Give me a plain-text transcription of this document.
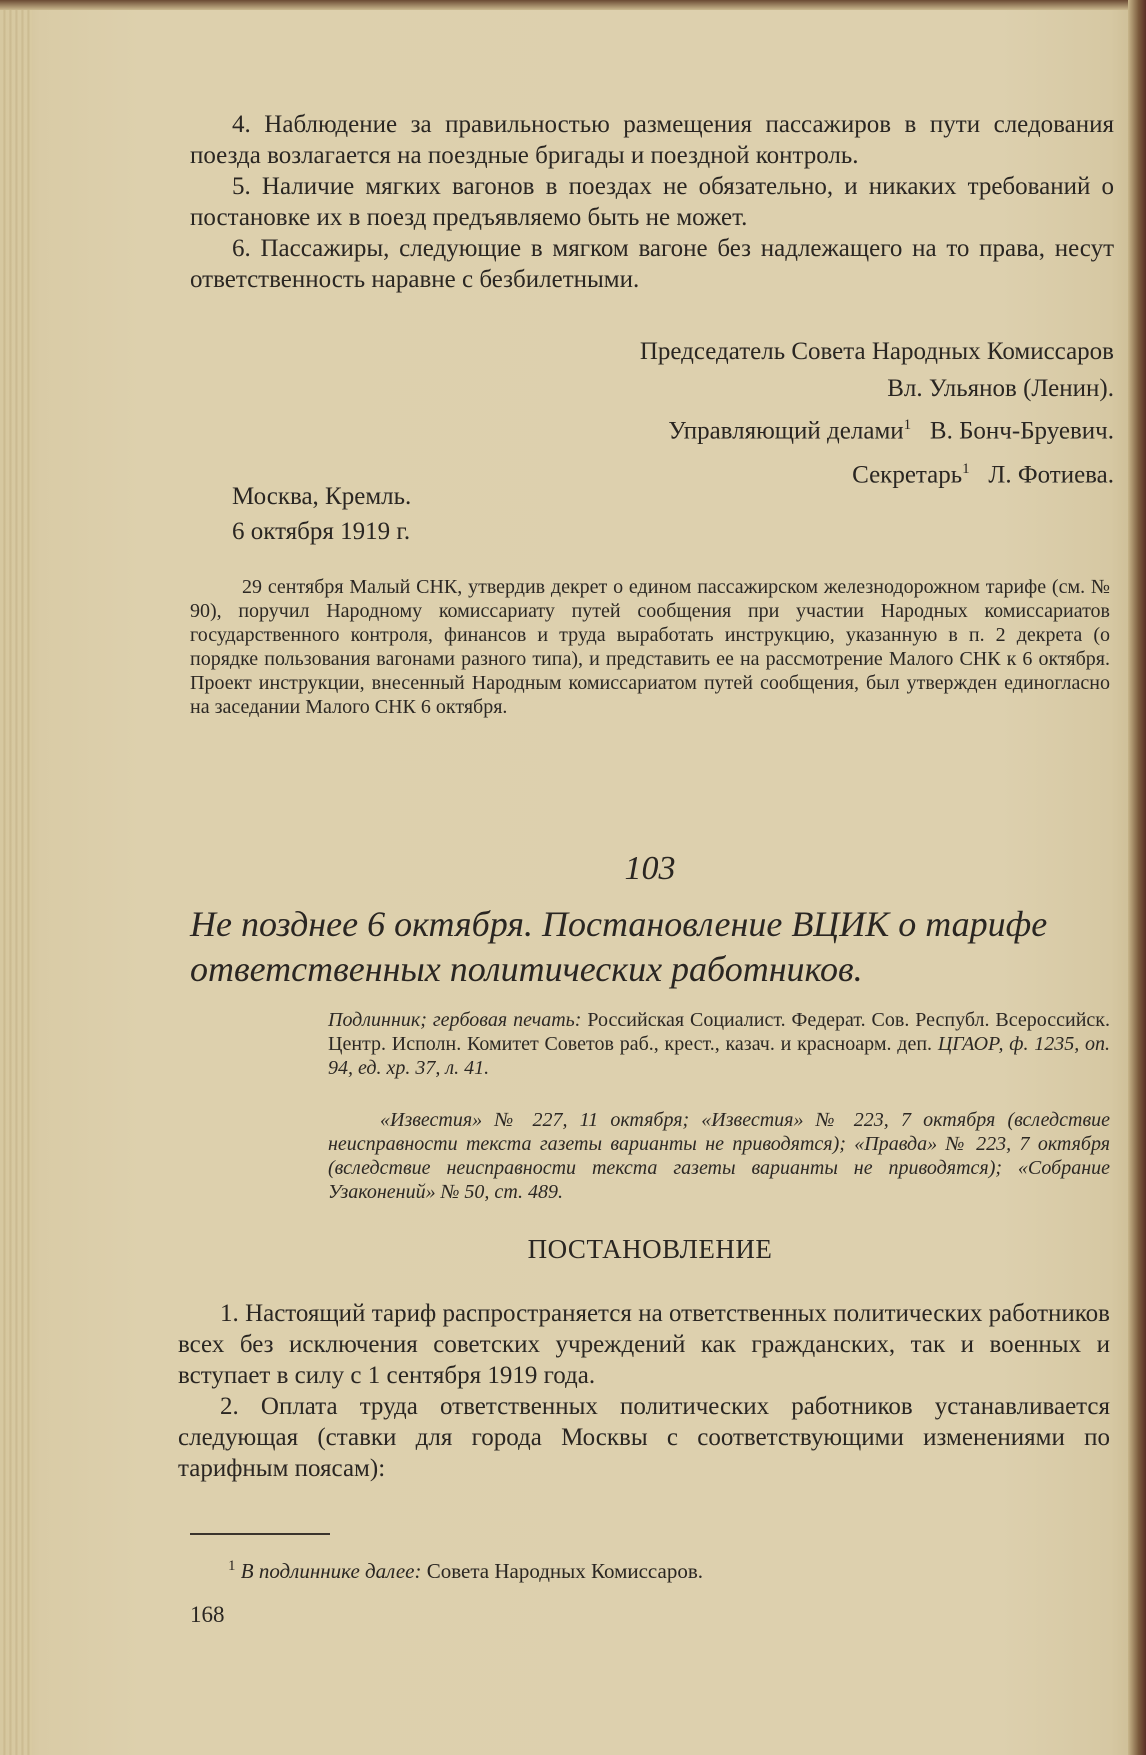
4. Наблюдение за правильностью размещения пассажиров в пути следования поезда возлагается на поездные бригады и поездной контроль.

5. Наличие мягких вагонов в поездах не обязательно, и никаких требований о постановке их в поезд предъявляемо быть не может.

6. Пассажиры, следующие в мягком вагоне без надлежащего на то права, несут ответственность наравне с безбилетными.

Председатель Совета Народных Комиссаров
Вл. Ульянов (Ленин).
Управляющий делами$^1$ В. Бонч-Бруевич.
Секретарь$^1$ Л. Фотиева.
Москва, Кремль.
6 октября 1919 г.
29 сентября Малый СНК, утвердив декрет о едином пассажирском железнодорожном тарифе (см. № 90), поручил Народному комиссариату путей сообщения при участии Народных комиссариатов государственного контроля, финансов и труда выработать инструкцию, указанную в п. 2 декрета (о порядке пользования вагонами разного типа), и представить ее на рассмотрение Малого СНК к 6 октября. Проект инструкции, внесенный Народным комиссариатом путей сообщения, был утвержден единогласно на заседании Малого СНК 6 октября.
103
Не позднее 6 октября. Постановление ВЦИК о тарифе ответственных политических работников.
Подлинник; гербовая печать: Российская Социалист. Федерат. Сов. Республ. Всероссийск. Центр. Исполн. Комитет Советов раб., крест., казач. и красноарм. деп. ЦГАОР, ф. 1235, оп. 94, ед. хр. 37, л. 41.
«Известия» № 227, 11 октября; «Известия» № 223, 7 октября (вследствие неисправности текста газеты варианты не приводятся); «Правда» № 223, 7 октября (вследствие неисправности текста газеты варианты не приводятся); «Собрание Узаконений» № 50, ст. 489.
ПОСТАНОВЛЕНИЕ

1. Настоящий тариф распространяется на ответственных политических работников всех без исключения советских учреждений как гражданских, так и военных и вступает в силу с 1 сентября 1919 года.

2. Оплата труда ответственных политических работников устанавливается следующая (ставки для города Москвы с соответствующими изменениями по тарифным поясам):

$^1$ В подлиннике далее: Совета Народных Комиссаров.
168
